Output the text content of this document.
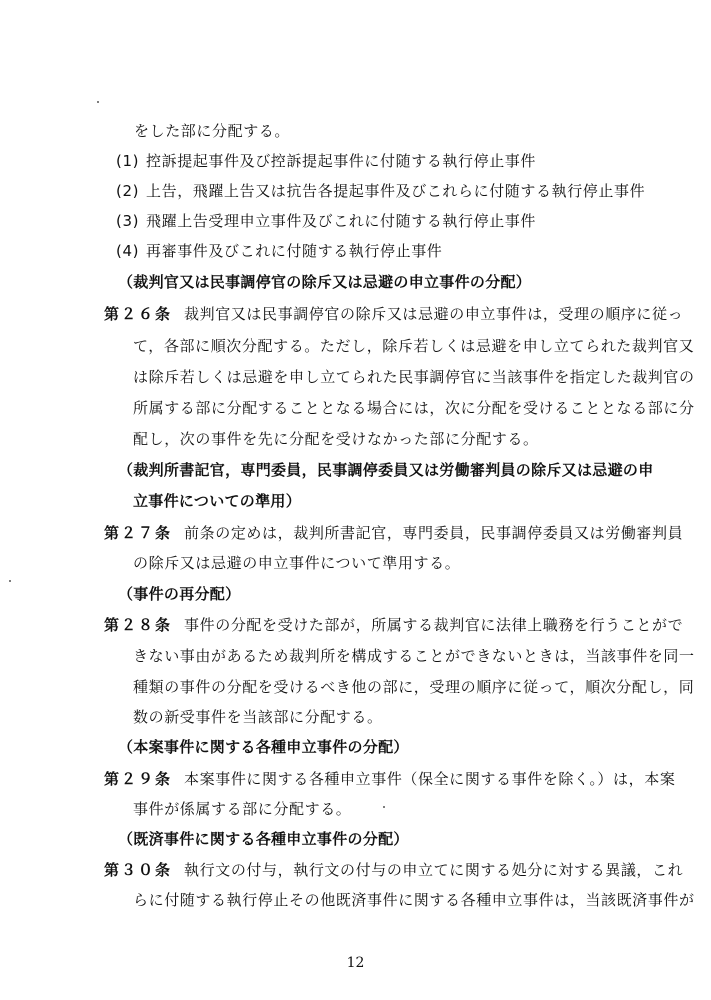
をした部に分配する。
(1) 控訴提起事件及び控訴提起事件に付随する執行停止事件
(2) 上告，飛躍上告又は抗告各提起事件及びこれらに付随する執行停止事件
(3) 飛躍上告受理申立事件及びこれに付随する執行停止事件
(4) 再審事件及びこれに付随する執行停止事件
（裁判官又は民事調停官の除斥又は忌避の申立事件の分配）
第２６条 裁判官又は民事調停官の除斥又は忌避の申立事件は，受理の順序に従っ
て，各部に順次分配する。ただし，除斥若しくは忌避を申し立てられた裁判官又
は除斥若しくは忌避を申し立てられた民事調停官に当該事件を指定した裁判官の
所属する部に分配することとなる場合には，次に分配を受けることとなる部に分
配し，次の事件を先に分配を受けなかった部に分配する。
（裁判所書記官，専門委員，民事調停委員又は労働審判員の除斥又は忌避の申
立事件についての準用）
第２７条 前条の定めは，裁判所書記官，専門委員，民事調停委員又は労働審判員
の除斥又は忌避の申立事件について準用する。
（事件の再分配）
第２８条 事件の分配を受けた部が，所属する裁判官に法律上職務を行うことがで
きない事由があるため裁判所を構成することができないときは，当該事件を同一
種類の事件の分配を受けるべき他の部に，受理の順序に従って，順次分配し，同
数の新受事件を当該部に分配する。
（本案事件に関する各種申立事件の分配）
第２９条 本案事件に関する各種申立事件（保全に関する事件を除く。）は，本案
事件が係属する部に分配する。
（既済事件に関する各種申立事件の分配）
第３０条 執行文の付与，執行文の付与の申立てに関する処分に対する異議，これ
らに付随する執行停止その他既済事件に関する各種申立事件は，当該既済事件が
12
